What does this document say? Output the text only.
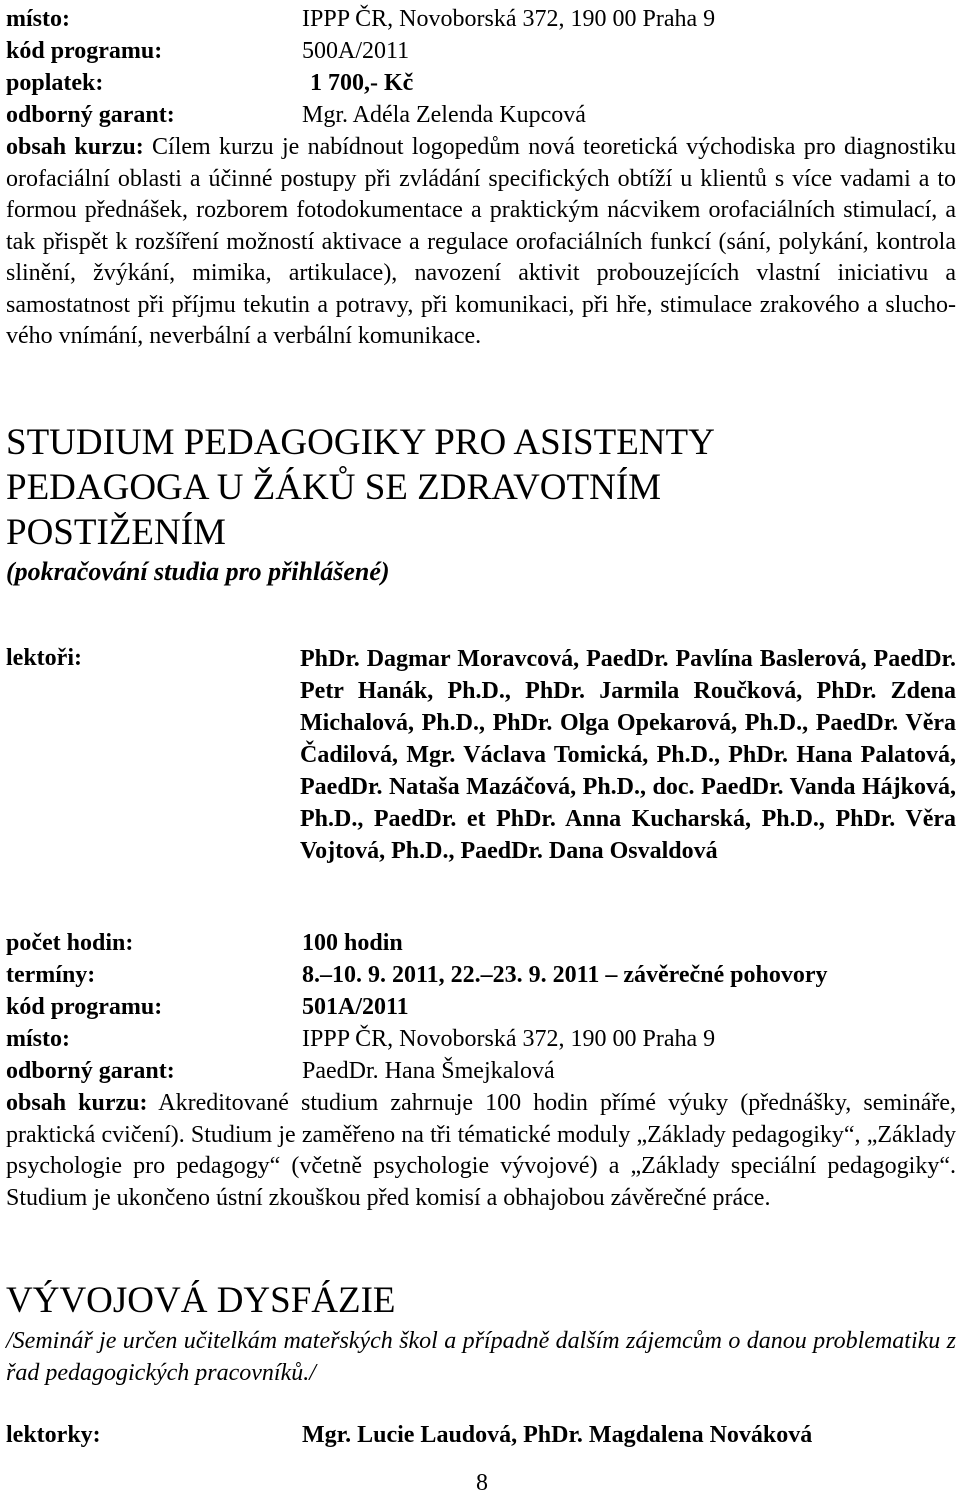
místo:	IPPP ČR, Novoborská 372, 190 00 Praha 9
kód programu:	500A/2011
poplatek:	1 700,- Kč
odborný garant:	Mgr. Adéla Zelenda Kupcová
obsah kurzu: Cílem kurzu je nabídnout logopedům nová teoretická východiska pro diagnostiku orofaciální oblasti a účinné postupy při zvládání specifických obtíží u klientů s více vadami a to formou přednášek, rozborem fotodokumentace a praktickým nácvikem orofaciálních stimulací, a tak přispět k rozšíření možností aktivace a regulace orofaciálních funkcí (sání, polykání, kontrola slinění, žvýkání, mimika, artikulace), navození aktivit probouzejících vlastní iniciativu a samostatnost při příjmu tekutin a potravy, při komunikaci, při hře, stimulace zrakového a slucho-vého vnímání, neverbální a verbální komunikace.
STUDIUM PEDAGOGIKY PRO ASISTENTY
PEDAGOGA U ŽÁKŮ SE ZDRAVOTNÍM
POSTIŽENÍM
(pokračování studia pro přihlášené)
lektoři:	PhDr. Dagmar Moravcová, PaedDr. Pavlína Baslerová, PaedDr. Petr Hanák, Ph.D., PhDr. Jarmila Roučková, PhDr. Zdena Michalová, Ph.D., PhDr. Olga Opekarová, Ph.D., PaedDr. Věra Čadilová, Mgr. Václava Tomická, Ph.D., PhDr. Hana Palatová, PaedDr. Nataša Mazáčová, Ph.D., doc. PaedDr. Vanda Hájková, Ph.D., PaedDr. et PhDr. Anna Kucharská, Ph.D., PhDr. Věra Vojtová, Ph.D., PaedDr. Dana Osvaldová
počet hodin:	100 hodin
termíny:	8.–10. 9. 2011, 22.–23. 9. 2011 – závěrečné pohovory
kód programu:	501A/2011
místo:	IPPP ČR, Novoborská 372, 190 00 Praha 9
odborný garant:	PaedDr. Hana Šmejkalová
obsah kurzu: Akreditované studium zahrnuje 100 hodin přímé výuky (přednášky, semináře, praktická cvičení). Studium je zaměřeno na tři tématické moduly „Základy pedagogiky“, „Základy psychologie pro pedagogy“ (včetně psychologie vývojové) a „Základy speciální pedagogiky“. Studium je ukončeno ústní zkouškou před komisí a obhajobou závěrečné práce.
VÝVOJOVÁ DYSFÁZIE
/Seminář je určen učitelkám mateřských škol a případně dalším zájemcům o danou problematiku z řad pedagogických pracovníků./
lektorky:	Mgr. Lucie Laudová, PhDr. Magdalena Nováková
8
